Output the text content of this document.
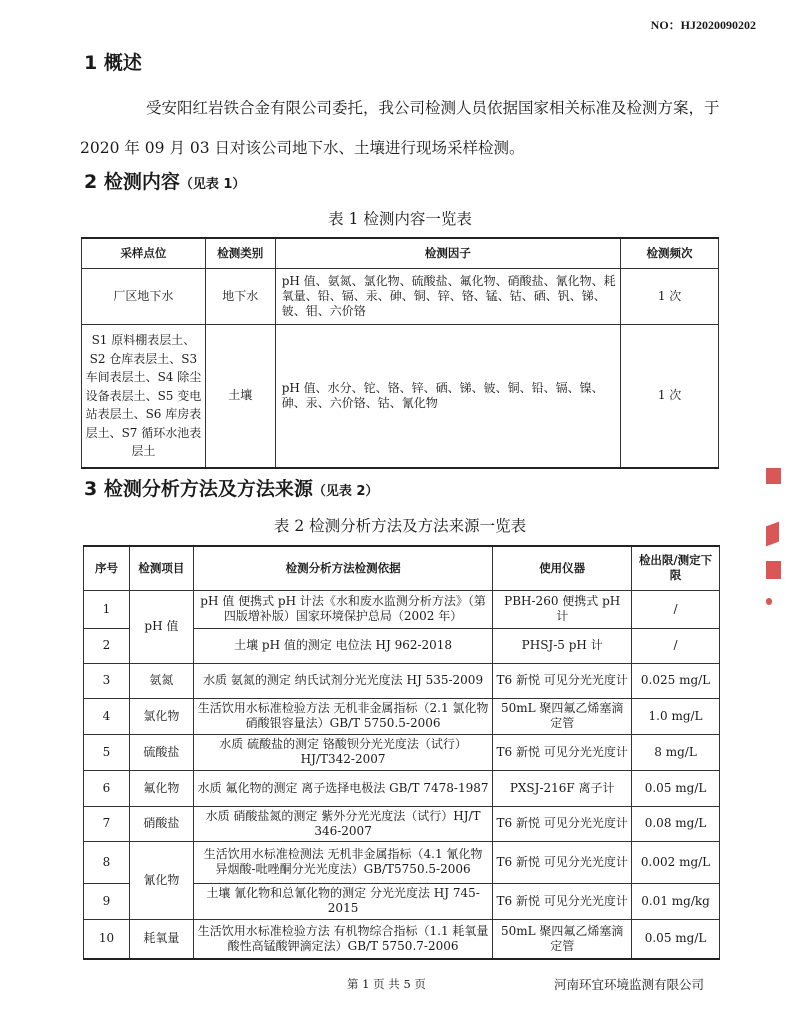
NO：HJ2020090202
1 概述
受安阳红岩铁合金有限公司委托，我公司检测人员依据国家相关标准及检测方案，于 2020 年 09 月 03 日对该公司地下水、土壤进行现场采样检测。
2 检测内容（见表 1）
表 1 检测内容一览表
采样点位	检测类别	检测因子	检测频次
厂区地下水	地下水	pH 值、氨氮、氯化物、硫酸盐、氟化物、硝酸盐、氰化物、耗氧量、铅、镉、汞、砷、铜、锌、铬、锰、钴、硒、钒、锑、铍、钼、六价铬	1 次
S1 原料棚表层土、S2 仓库表层土、S3 车间表层土、S4 除尘设备表层土、S5 变电站表层土、S6 库房表层土、S7 循环水池表层土	土壤	pH 值、水分、铊、铬、锌、硒、锑、铍、铜、铅、镉、镍、砷、汞、六价铬、钴、氰化物	1 次
3 检测分析方法及方法来源（见表 2）
表 2 检测分析方法及方法来源一览表
序号	检测项目	检测分析方法检测依据	使用仪器	检出限/测定下限
1	pH 值	pH 值 便携式 pH 计法《水和废水监测分析方法》（第四版增补版）国家环境保护总局（2002 年）	PBH-260 便携式 pH 计	/
2		土壤 pH 值的测定 电位法 HJ 962-2018	PHSJ-5 pH 计	/
3	氨氮	水质 氨氮的测定 纳氏试剂分光光度法 HJ 535-2009	T6 新悦 可见分光光度计	0.025 mg/L
4	氯化物	生活饮用水标准检验方法 无机非金属指标（2.1 氯化物 硝酸银容量法）GB/T 5750.5-2006	50mL 聚四氟乙烯塞滴定管	1.0 mg/L
5	硫酸盐	水质 硫酸盐的测定 铬酸钡分光光度法（试行）HJ/T342-2007	T6 新悦 可见分光光度计	8 mg/L
6	氟化物	水质 氟化物的测定 离子选择电极法 GB/T 7478-1987	PXSJ-216F 离子计	0.05 mg/L
7	硝酸盐	水质 硝酸盐氮的测定 紫外分光光度法（试行）HJ/T 346-2007	T6 新悦 可见分光光度计	0.08 mg/L
8	氰化物	生活饮用水标准检测法 无机非金属指标（4.1 氰化物 异烟酸-吡唑酮分光光度法）GB/T5750.5-2006	T6 新悦 可见分光光度计	0.002 mg/L
9		土壤 氰化物和总氰化物的测定 分光光度法 HJ 745-2015	T6 新悦 可见分光光度计	0.01 mg/kg
10	耗氧量	生活饮用水标准检验方法 有机物综合指标（1.1 耗氧量 酸性高锰酸钾滴定法）GB/T 5750.7-2006	50mL 聚四氟乙烯塞滴定管	0.05 mg/L
第 1 页 共 5 页	河南环宜环境监测有限公司
